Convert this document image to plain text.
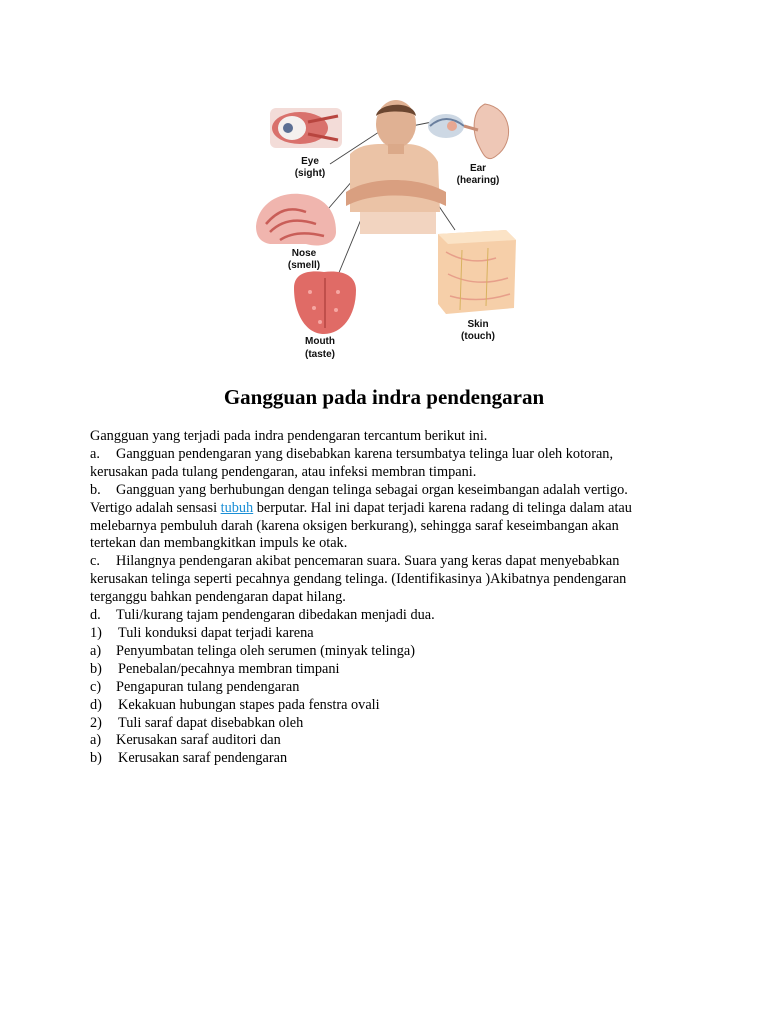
Eye
(sight)	Ear
(hearing)
Nose
(smell)
Skin
(touch)
Mouth
(taste)
Gangguan pada indra pendengaran

Gangguan yang terjadi pada indra pendengaran tercantum berikut ini.

a. Gangguan pendengaran yang disebabkan karena tersumbatya telinga luar oleh kotoran,

kerusakan pada tulang pendengaran, atau infeksi membran timpani.

b. Gangguan yang berhubungan dengan telinga sebagai organ keseimbangan adalah vertigo.

Vertigo adalah sensasi tubuh berputar. Hal ini dapat terjadi karena radang di telinga dalam atau

melebarnya pembuluh darah (karena oksigen berkurang), sehingga saraf keseimbangan akan

tertekan dan membangkitkan impuls ke otak.

c. Hilangnya pendengaran akibat pencemaran suara. Suara yang keras dapat menyebabkan

kerusakan telinga seperti pecahnya gendang telinga. (Identifikasinya )Akibatnya pendengaran

terganggu bahkan pendengaran dapat hilang.

d. Tuli/kurang tajam pendengaran dibedakan menjadi dua.

1) Tuli konduksi dapat terjadi karena

a) Penyumbatan telinga oleh serumen (minyak telinga)

b) Penebalan/pecahnya membran timpani

c) Pengapuran tulang pendengaran

d) Kekakuan hubungan stapes pada fenstra ovali

2) Tuli saraf dapat disebabkan oleh

a) Kerusakan saraf auditori dan

b) Kerusakan saraf pendengaran
